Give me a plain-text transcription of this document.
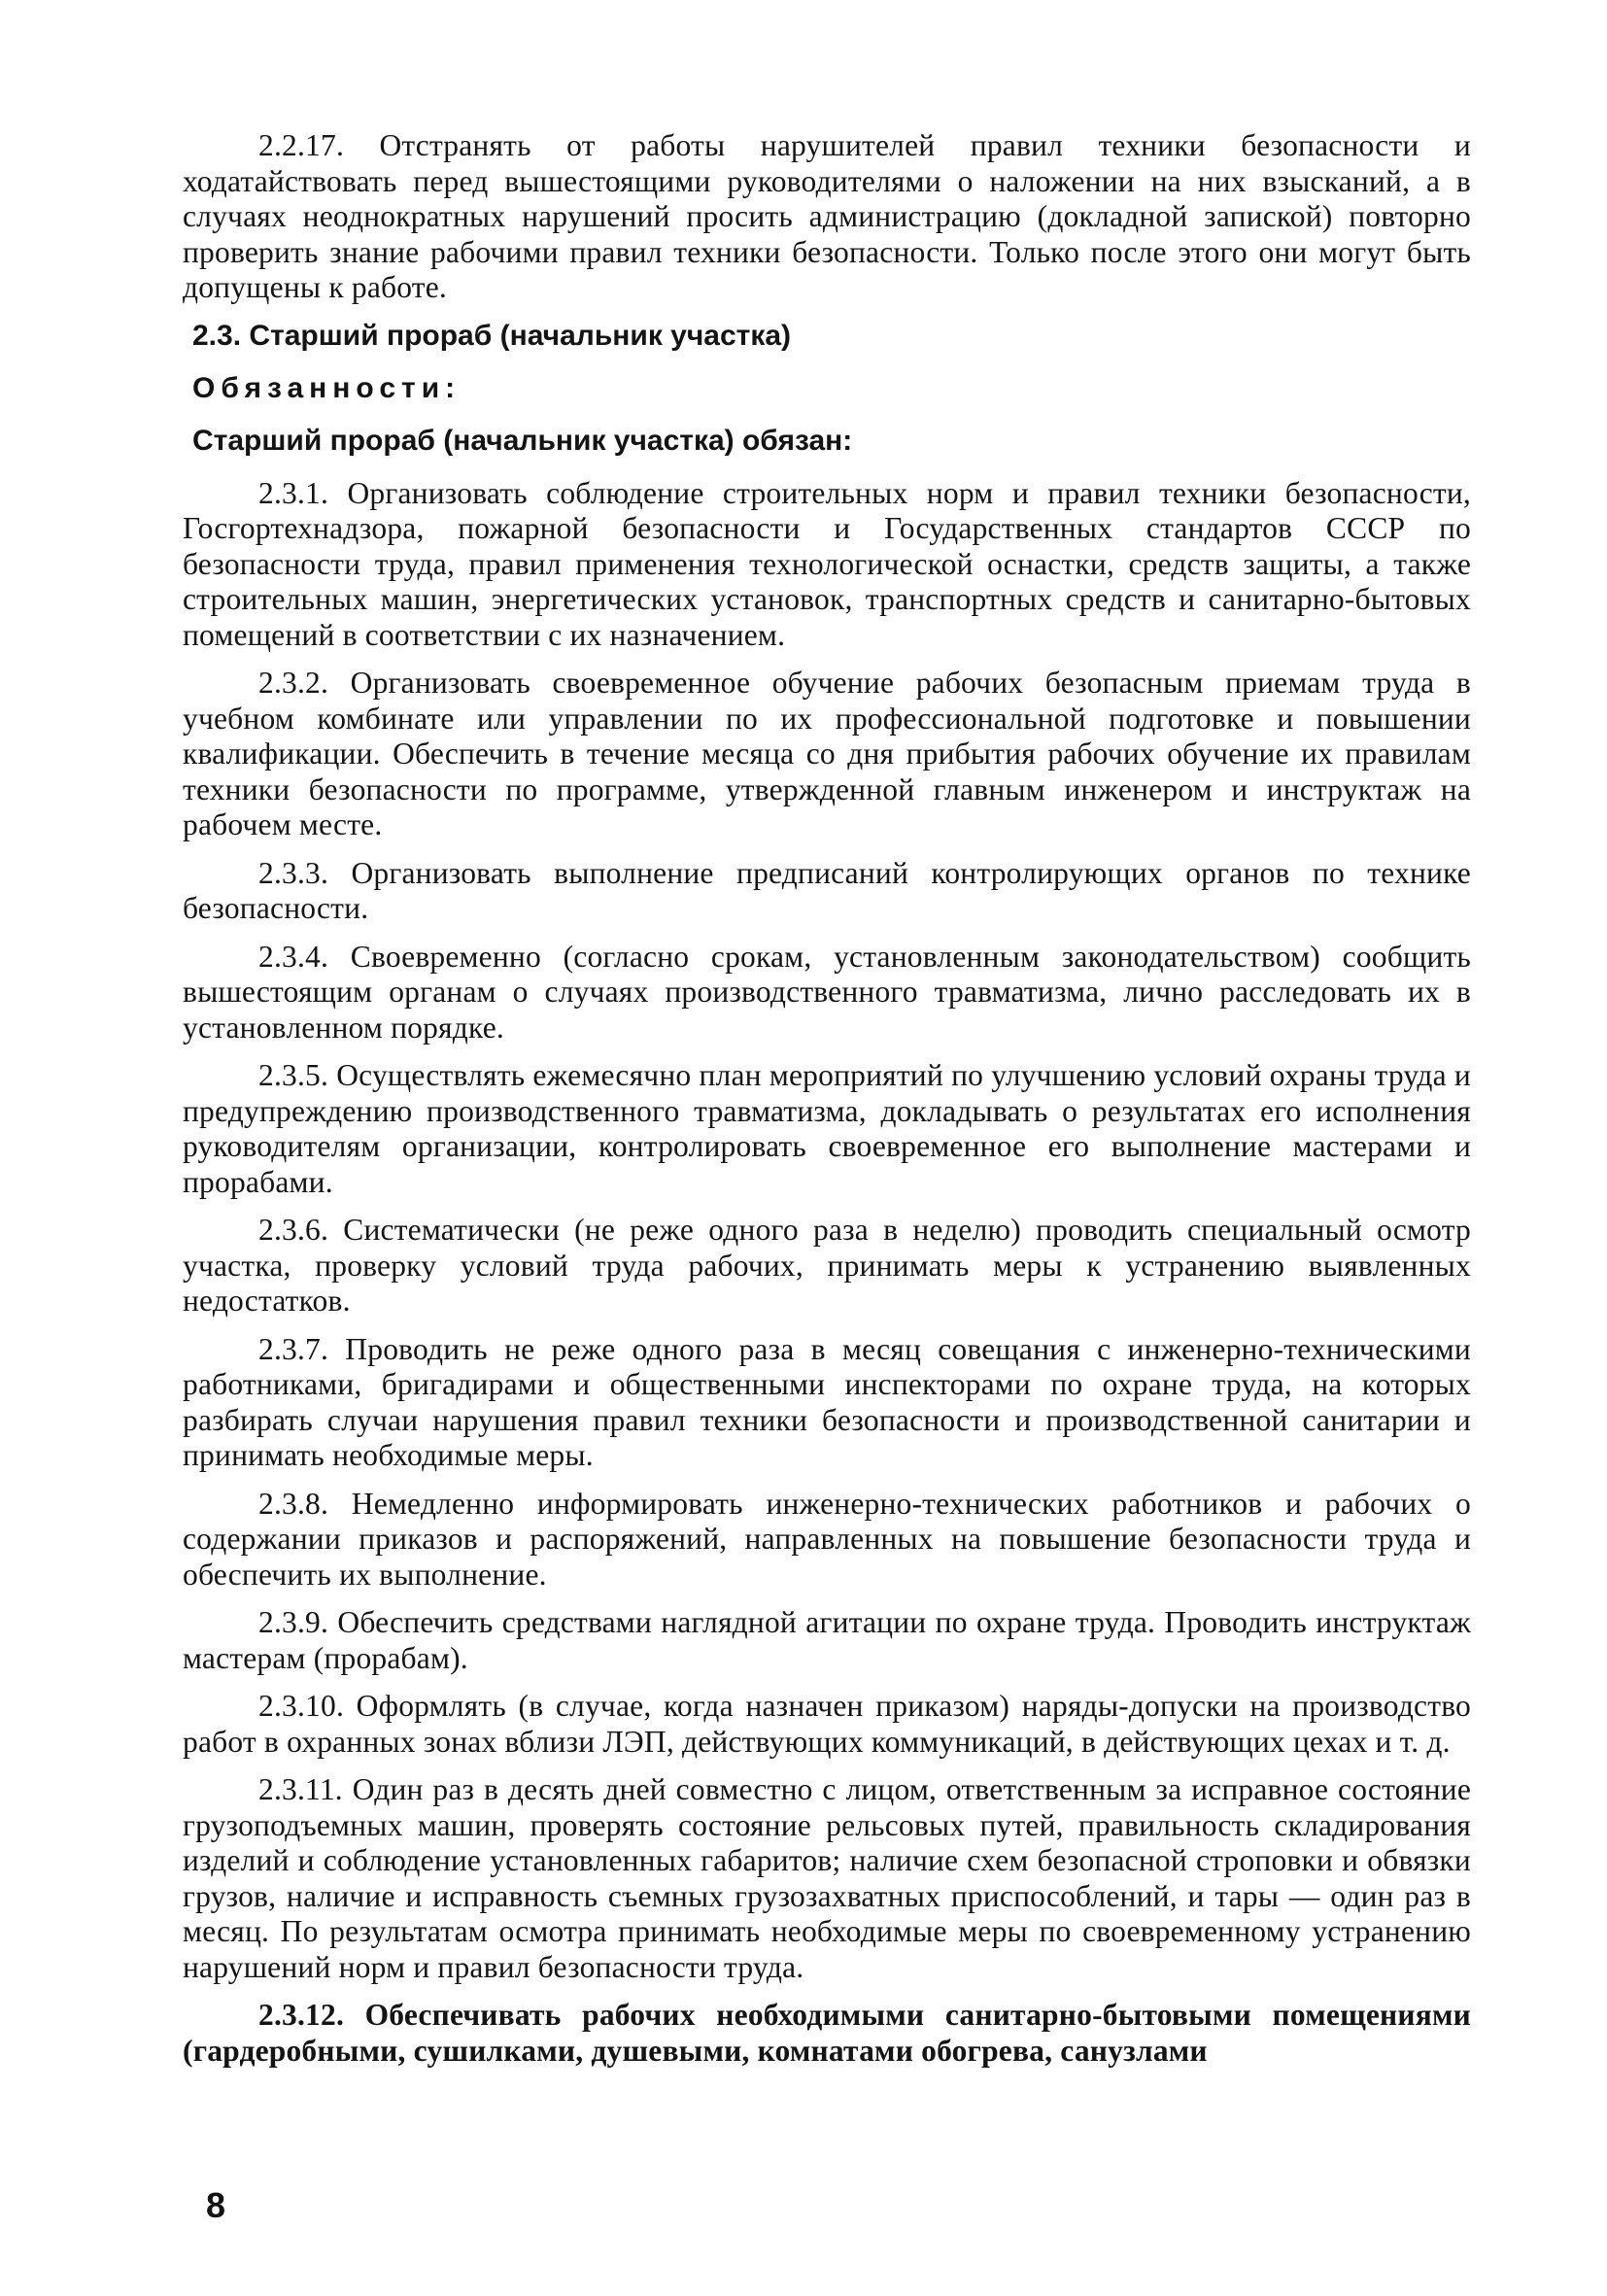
2.2.17. Отстранять от работы нарушителей правил техники безопасности и ходатайствовать перед вышестоящими руководителями о наложении на них взысканий, а в случаях неоднократных нарушений просить администрацию (докладной запиской) повторно проверить знание рабочими правил техники безопасности. Только после этого они могут быть допущены к работе.

2.3. Старший прораб (начальник участка)

Обязанности:

Старший прораб (начальник участка) обязан:

2.3.1. Организовать соблюдение строительных норм и правил техники безопасности, Госгортехнадзора, пожарной безопасности и Государственных стандартов СССР по безопасности труда, правил применения технологической оснастки, средств защиты, а также строительных машин, энергетических установок, транспортных средств и санитарно-бытовых помещений в соответствии с их назначением.

2.3.2. Организовать своевременное обучение рабочих безопасным приемам труда в учебном комбинате или управлении по их профессиональной подготовке и повышении квалификации. Обеспечить в течение месяца со дня прибытия рабочих обучение их правилам техники безопасности по программе, утвержденной главным инженером и инструктаж на рабочем месте.

2.3.3. Организовать выполнение предписаний контролирующих органов по технике безопасности.

2.3.4. Своевременно (согласно срокам, установленным законодательством) сообщить вышестоящим органам о случаях производственного травматизма, лично расследовать их в установленном порядке.

2.3.5. Осуществлять ежемесячно план мероприятий по улучшению условий охраны труда и предупреждению производственного травматизма, докладывать о результатах его исполнения руководителям организации, контролировать своевременное его выполнение мастерами и прорабами.

2.3.6. Систематически (не реже одного раза в неделю) проводить специальный осмотр участка, проверку условий труда рабочих, принимать меры к устранению выявленных недостатков.

2.3.7. Проводить не реже одного раза в месяц совещания с инженерно-техническими работниками, бригадирами и общественными инспекторами по охране труда, на которых разбирать случаи нарушения правил техники безопасности и производственной санитарии и принимать необходимые меры.

2.3.8. Немедленно информировать инженерно-технических работников и рабочих о содержании приказов и распоряжений, направленных на повышение безопасности труда и обеспечить их выполнение.

2.3.9. Обеспечить средствами наглядной агитации по охране труда. Проводить инструктаж мастерам (прорабам).

2.3.10. Оформлять (в случае, когда назначен приказом) наряды-допуски на производство работ в охранных зонах вблизи ЛЭП, действующих коммуникаций, в действующих цехах и т. д.

2.3.11. Один раз в десять дней совместно с лицом, ответственным за исправное состояние грузоподъемных машин, проверять состояние рельсовых путей, правильность складирования изделий и соблюдение установленных габаритов; наличие схем безопасной строповки и обвязки грузов, наличие и исправность съемных грузозахватных приспособлений, и тары — один раз в месяц. По результатам осмотра принимать необходимые меры по своевременному устранению нарушений норм и правил безопасности труда.

2.3.12. Обеспечивать рабочих необходимыми санитарно-бытовыми помещениями (гардеробными, сушилками, душевыми, комнатами обогрева, санузлами

8
